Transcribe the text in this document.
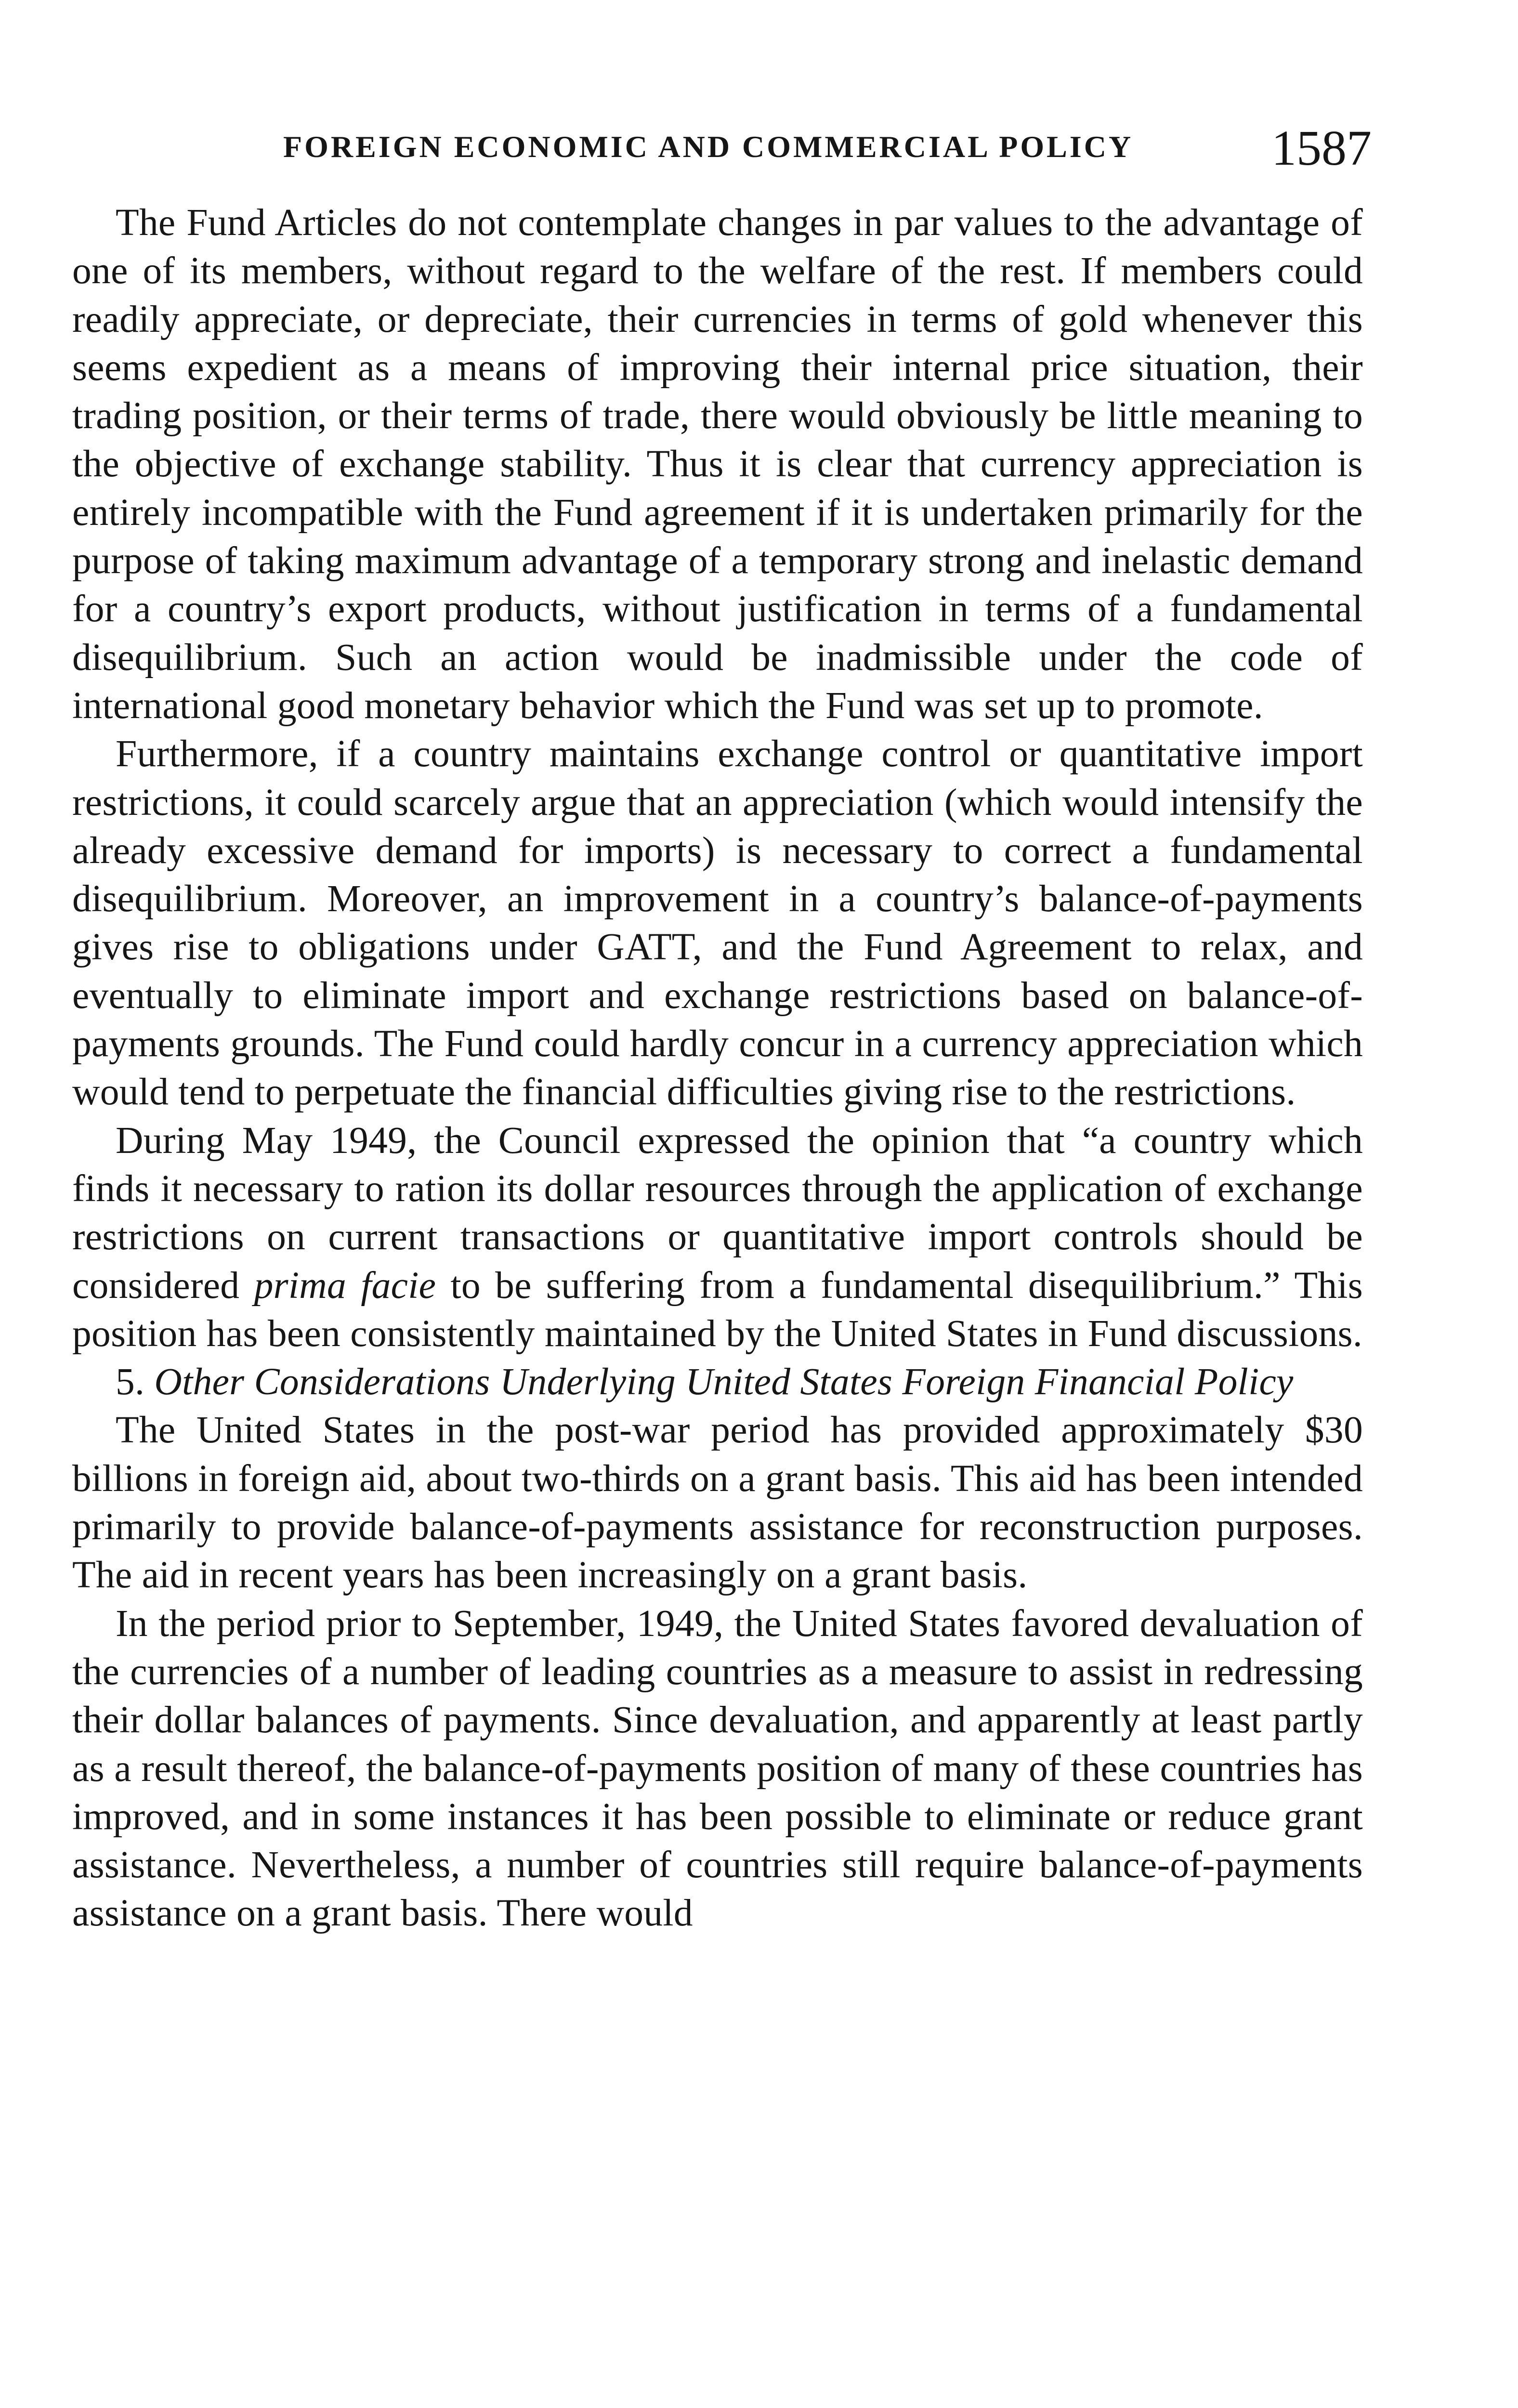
FOREIGN ECONOMIC AND COMMERCIAL POLICY	1587

The Fund Articles do not contemplate changes in par values to the advantage of one of its members, without regard to the welfare of the rest. If members could readily appreciate, or depreciate, their currencies in terms of gold whenever this seems expedient as a means of improving their internal price situation, their trading position, or their terms of trade, there would obviously be little meaning to the objective of exchange stability. Thus it is clear that currency appreciation is entirely incompatible with the Fund agreement if it is undertaken primarily for the purpose of taking maximum advantage of a temporary strong and inelastic demand for a country’s export products, without justification in terms of a fundamental disequilibrium. Such an action would be inadmissible under the code of international good monetary behavior which the Fund was set up to promote.

Furthermore, if a country maintains exchange control or quantitative import restrictions, it could scarcely argue that an appreciation (which would intensify the already excessive demand for imports) is necessary to correct a fundamental disequilibrium. Moreover, an improvement in a country’s balance-of-payments gives rise to obligations under GATT, and the Fund Agreement to relax, and eventually to eliminate import and exchange restrictions based on balance-of-payments grounds. The Fund could hardly concur in a currency appreciation which would tend to perpetuate the financial difficulties giving rise to the restrictions.

During May 1949, the Council expressed the opinion that “a country which finds it necessary to ration its dollar resources through the application of exchange restrictions on current transactions or quantitative import controls should be considered prima facie to be suffering from a fundamental disequilibrium.” This position has been consistently maintained by the United States in Fund discussions.

5. Other Considerations Underlying United States Foreign Financial Policy

The United States in the post-war period has provided approximately $30 billions in foreign aid, about two-thirds on a grant basis. This aid has been intended primarily to provide balance-of-payments assistance for reconstruction purposes. The aid in recent years has been increasingly on a grant basis.

In the period prior to September, 1949, the United States favored devaluation of the currencies of a number of leading countries as a measure to assist in redressing their dollar balances of payments. Since devaluation, and apparently at least partly as a result thereof, the balance-of-payments position of many of these countries has improved, and in some instances it has been possible to eliminate or reduce grant assistance. Nevertheless, a number of countries still require balance-of-payments assistance on a grant basis. There would
